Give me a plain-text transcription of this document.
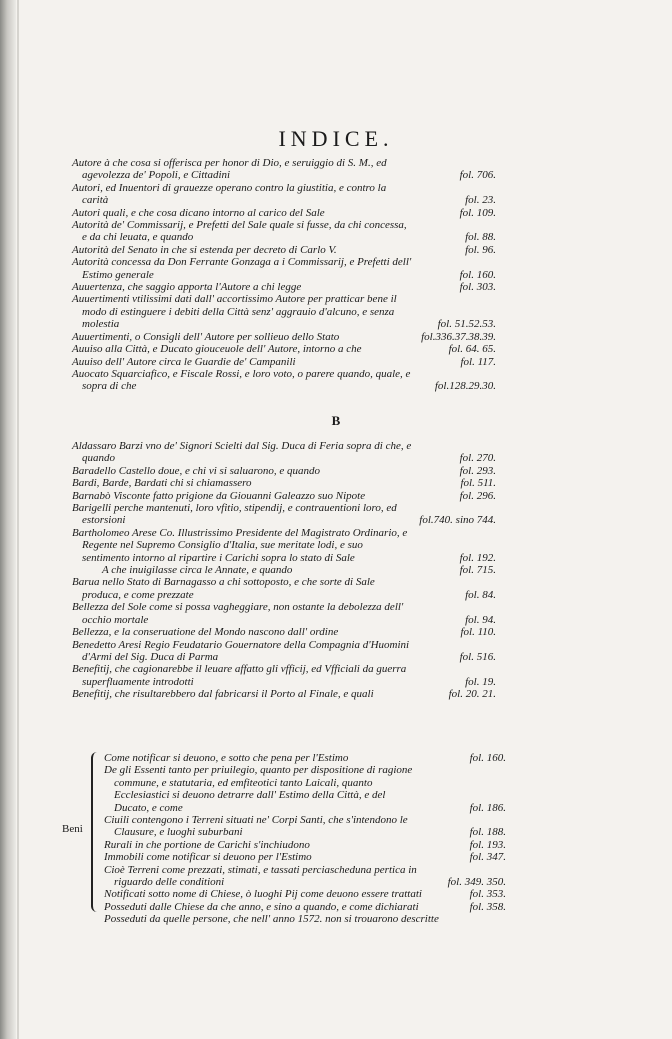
INDICE.
Autore à che cosa si offerisca per honor di Dio, e seruiggio di S. M., ed agevolezza de' Popoli, e Cittadini	fol. 706.
Autori, ed Inuentori di grauezze operano contro la giustitia, e contro la carità	fol. 23.
Autori quali, e che cosa dicano intorno al carico del Sale	fol. 109.
Autorità de' Commissarij, e Prefetti del Sale quale si fusse, da chi concessa, e da chi leuata, e quando	fol. 88.
Autorità del Senato in che si estenda per decreto di Carlo V.	fol. 96.
Autorità concessa da Don Ferrante Gonzaga a i Commissarij, e Prefetti dell' Estimo generale	fol. 160.
Auuertenza, che saggio apporta l'Autore a chi legge	fol. 303.
Auuertimenti vtilissimi dati dall' accortissimo Autore per pratticar bene il modo di estinguere i debiti della Città senz' aggrauio d'alcuno, e senza molestia	fol. 51.52.53.
Auuertimenti, o Consigli dell' Autore per sollieuo dello Stato	fol.336.37.38.39.
Auuiso alla Città, e Ducato giouceuole dell' Autore, intorno a che	fol. 64. 65.
Auuiso dell' Autore circa le Guardie de' Campanili	fol. 117.
Auocato Squarciafico, e Fiscale Rossi, e loro voto, o parere quando, quale, e sopra di che	fol.128.29.30.
B
Aldassaro Barzi vno de' Signori Scielti dal Sig. Duca di Feria sopra di che, e quando	fol. 270.
Baradello Castello doue, e chi vi si saluarono, e quando	fol. 293.
Bardi, Barde, Bardati chi si chiamassero	fol. 511.
Barnabò Visconte fatto prigione da Giouanni Galeazzo suo Nipote	fol. 296.
Barigelli perche mantenuti, loro vfitio, stipendij, e contrauentioni loro, ed estorsioni	fol.740. sino 744.
Bartholomeo Arese Co. Illustrissimo Presidente del Magistrato Ordinario, e Regente nel Supremo Consiglio d'Italia, sue meritate lodi, e suo sentimento intorno al ripartire i Carichi sopra lo stato di Sale	fol. 192.
A che inuigilasse circa le Annate, e quando	fol. 715.
Barua nello Stato di Barnagasso a chi sottoposto, e che sorte di Sale produca, e come prezzate	fol. 84.
Bellezza del Sole come si possa vagheggiare, non ostante la debolezza dell' occhio mortale	fol. 94.
Bellezza, e la conseruatione del Mondo nascono dall' ordine	fol. 110.
Benedetto Aresi Regio Feudatario Gouernatore della Compagnia d'Huomini d'Armi del Sig. Duca di Parma	fol. 516.
Benefitij, che cagionarebbe il leuare affatto gli vfficij, ed Vfficiali da guerra superfluamente introdotti	fol. 19.
Benefitij, che risultarebbero dal fabricarsi il Porto al Finale, e quali	fol. 20. 21.
Beni
Come notificar si deuono, e sotto che pena per l'Estimo	fol. 160.
De gli Essenti tanto per priuilegio, quanto per dispositione di ragione commune, e statutaria, ed emfiteotici tanto Laicali, quanto Ecclesiastici si deuono detrarre dall' Estimo della Città, e del Ducato, e come	fol. 186.
Ciuili contengono i Terreni situati ne' Corpi Santi, che s'intendono le Clausure, e luoghi suburbani	fol. 188.
Rurali in che portione de Carichi s'inchiudono	fol. 193.
Immobili come notificar si deuono per l'Estimo	fol. 347.
Cioè Terreni come prezzati, stimati, e tassati perciascheduna pertica in riguardo delle conditioni	fol. 349. 350.
Notificati sotto nome di Chiese, ò luoghi Pij come deuono essere trattati	fol. 353.
Posseduti dalle Chiese da che anno, e sino a quando, e come dichiarati	fol. 358.
Posseduti da quelle persone, che nell' anno 1572. non si trouarono descritte
